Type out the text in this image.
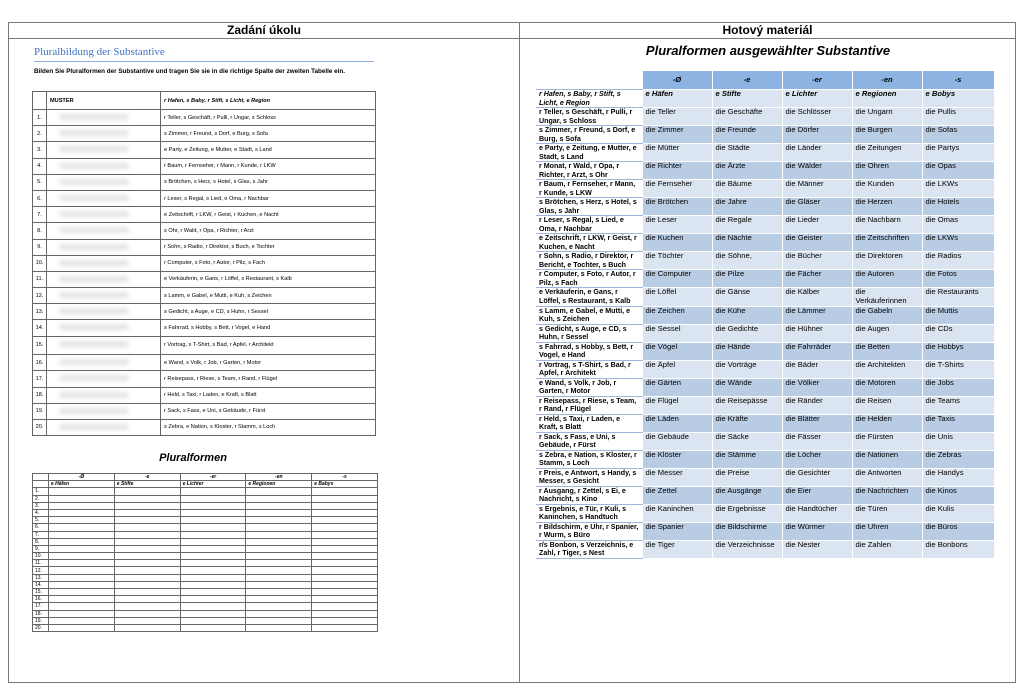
Zadání úkolu	Hotový materiál
Pluralbildung der Substantive
Bilden Sie Pluralformen der Substantive und tragen Sie sie in die richtige Spalte der zweiten Tabelle ein.
	MUSTER	r Hafen, s Baby, r Stift, s Licht, e Region
1.		r Teller, s Geschäft, r Pulli, r Ungar, s Schloss
2.		s Zimmer, r Freund, s Dorf, e Burg, s Sofa
3.		e Party, e Zeitung, e Mutter, e Stadt, s Land
4.		r Baum, r Fernseher, r Mann, r Kunde, r LKW
5.		s Brötchen, s Herz, s Hotel, s Glas, s Jahr
6.		r Leser, s Regal, s Lied, e Oma, r Nachbar
7.		e Zeitschrift, r LKW, r Geist, r Kuchen, e Nacht
8.		s Ohr, r Wald, r Opa, r Richter, r Arzt
9.		r Sohn, s Radio, r Direktor, s Buch, e Tochter
10.		r Computer, s Foto, r Autor, r Pilz, s Fach
11.		e Verkäuferin, e Gans, r Löffel, s Restaurant, s Kalb
12.		s Lamm, e Gabel, e Mutti, e Kuh, s Zeichen
13.		s Gedicht, s Auge, e CD, s Huhn, r Sessel
14.		s Fahrrad, s Hobby, s Bett, r Vogel, e Hand
15.		r Vortrag, s T-Shirt, s Bad, r Apfel, r Architekt
16.		e Wand, s Volk, r Job, r Garten, r Motor
17.		r Reisepass, r Riese, s Team, r Rand, r Flügel
18.		r Held, s Taxi, r Laden, e Kraft, s Blatt
19.		r Sack, s Fass, e Uni, s Gebäude, r Fürst
20.		s Zebra, e Nation, s Kloster, r Stamm, s Loch
Pluralformen
	-Ø	-e	-er	-en	-s
	e Häfen	e Stifte	e Lichter	e Regionen	e Babys
1.					
2.					
3.					
4.					
5.					
6.					
7.					
8.					
9.					
10.					
11.					
12.					
13.					
14.					
15.					
16.					
17.					
18.					
19.					
20.					
Pluralformen ausgewählter Substantive
	-Ø	-e	-er	-en	-s
r Hafen, s Baby, r Stift, s Licht, e Region	e Häfen	e Stifte	e Lichter	e Regionen	e Bobys
r Teller, s Geschäft, r Pulli, r Ungar, s Schloss	die Teller	die Geschäfte	die Schlösser	die Ungarn	die Pullis
s Zimmer, r Freund, s Dorf, e Burg, s Sofa	die Zimmer	die Freunde	die Dörfer	die Burgen	die Sofas
e Party, e Zeitung, e Mutter, e Stadt, s Land	die Mütter	die Städte	die Länder	die Zeitungen	die Partys
r Monat, r Wald, r Opa, r Richter, r Arzt, s Ohr	die Richter	die Ärzte	die Wälder	die Ohren	die Opas
r Baum, r Fernseher, r Mann, r Kunde, s LKW	die Fernseher	die Bäume	die Männer	die Kunden	die LKWs
s Brötchen, s Herz, s Hotel, s Glas, s Jahr	die Brötchen	die Jahre	die Gläser	die Herzen	die Hotels
r Leser, s Regal, s Lied, e Oma, r Nachbar	die Leser	die Regale	die Lieder	die Nachbarn	die Omas
e Zeitschrift, r LKW, r Geist, r Kuchen, e Nacht	die Kuchen	die Nächte	die Geister	die Zeitschriften	die LKWs
r Sohn, s Radio, r Direktor, r Bericht, e Tochter, s Buch	die Töchter	die Söhne,	die Bücher	die Direktoren	die Radios
r Computer, s Foto, r Autor, r Pilz, s Fach	die Computer	die Pilze	die Fächer	die Autoren	die Fotos
e Verkäuferin, e Gans, r Löffel, s Restaurant, s Kalb	die Löffel	die Gänse	die Kälber	die Verkäuferinnen	die Restaurants
s Lamm, e Gabel, e Mutti, e Kuh, s Zeichen	die Zeichen	die Kühe	die Lämmer	die Gabeln	die Muttis
s Gedicht, s Auge, e CD, s Huhn, r Sessel	die Sessel	die Gedichte	die Hühner	die Augen	die CDs
s Fahrrad, s Hobby, s Bett, r Vogel, e Hand	die Vögel	die Hände	die Fahrräder	die Betten	die Hobbys
r Vortrag, s T-Shirt, s Bad, r Apfel, r Architekt	die Äpfel	die Vorträge	die Bäder	die Architekten	die T-Shirts
e Wand, s Volk, r Job, r Garten, r Motor	die Gärten	die Wände	die Völker	die Motoren	die Jobs
r Reisepass, r Riese, s Team, r Rand, r Flügel	die Flügel	die Reisepässe	die Ränder	die Reisen	die Teams
r Held, s Taxi, r Laden, e Kraft, s Blatt	die Läden	die Kräfte	die Blätter	die Helden	die Taxis
r Sack, s Fass, e Uni, s Gebäude, r Fürst	die Gebäude	die Säcke	die Fässer	die Fürsten	die Unis
s Zebra, e Nation, s Kloster, r Stamm, s Loch	die Klöster	die Stämme	die Löcher	die Nationen	die Zebras
r Preis, e Antwort, s Handy, s Messer, s Gesicht	die Messer	die Preise	die Gesichter	die Antworten	die Handys
r Ausgang, r Zettel, s Ei, e Nachricht, s Kino	die Zettel	die Ausgänge	die Eier	die Nachrichten	die Kinos
s Ergebnis, e Tür, r Kuli, s Kaninchen, s Handtuch	die Kaninchen	die Ergebnisse	die Handtücher	die Türen	die Kulis
r Bildschirm, e Uhr, r Spanier, r Wurm, s Büro	die Spanier	die Bildschirme	die Würmer	die Uhren	die Büros
r/s Bonbon, s Verzeichnis, e Zahl, r Tiger, s Nest	die Tiger	die Verzeichnisse	die Nester	die Zahlen	die Bonbons
